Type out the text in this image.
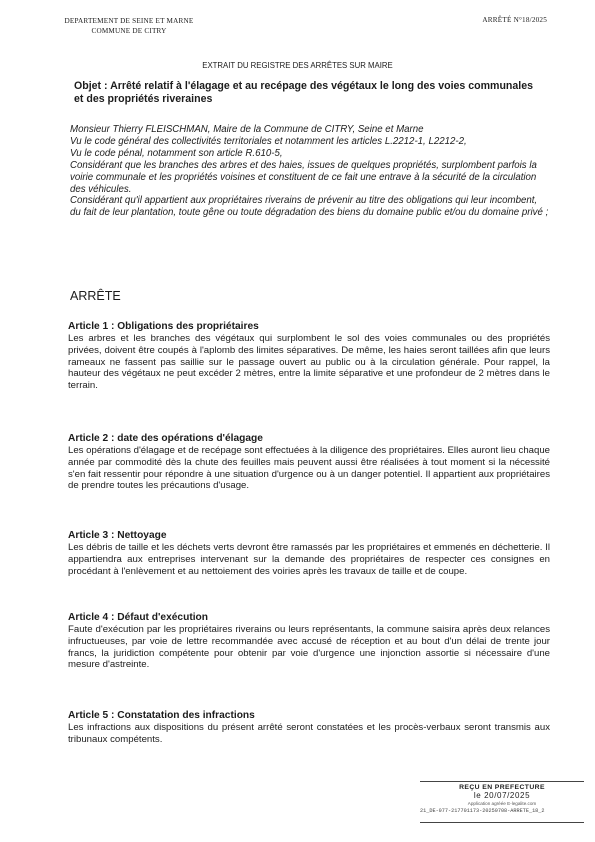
DEPARTEMENT DE SEINE ET MARNE
COMMUNE DE CITRY
ARRÊTÉ N°18/2025
EXTRAIT DU REGISTRE DES ARRÊTES SUR MAIRE
Objet : Arrêté relatif à l'élagage et au recépage des végétaux le long des voies communales et des propriétés riveraines

Monsieur Thierry FLEISCHMAN, Maire de la Commune de CITRY, Seine et Marne

Vu le code général des collectivités territoriales et notamment les articles L.2212-1, L2212-2,

Vu le code pénal, notamment son article R.610-5,

Considérant que les branches des arbres et des haies, issues de quelques propriétés, surplombent parfois la voirie communale et les propriétés voisines et constituent de ce fait une entrave à la sécurité de la circulation des véhicules.

Considérant qu'il appartient aux propriétaires riverains de prévenir au titre des obligations qui leur incombent, du fait de leur plantation, toute gêne ou toute dégradation des biens du domaine public et/ou du domaine privé ;

ARRÊTE
Article 1 : Obligations des propriétaires

Les arbres et les branches des végétaux qui surplombent le sol des voies communales ou des propriétés privées, doivent être coupés à l'aplomb des limites séparatives. De même, les haies seront taillées afin que leurs rameaux ne fassent pas saillie sur le passage ouvert au public ou à la circulation générale. Pour rappel, la hauteur des végétaux ne peut excéder 2 mètres, entre la limite séparative et une profondeur de 2 mètres dans le terrain.

Article 2 : date des opérations d'élagage

Les opérations d'élagage et de recépage sont effectuées à la diligence des propriétaires. Elles auront lieu chaque année par commodité dès la chute des feuilles mais peuvent aussi être réalisées à tout moment si la nécessité s'en fait ressentir pour répondre à une situation d'urgence ou à un danger potentiel. Il appartient aux propriétaires de prendre toutes les précautions d'usage.

Article 3 : Nettoyage

Les débris de taille et les déchets verts devront être ramassés par les propriétaires et emmenés en déchetterie. Il appartiendra aux entreprises intervenant sur la demande des propriétaires de respecter ces consignes en procédant à l'enlèvement et au nettoiement des voiries après les travaux de taille et de coupe.

Article 4 : Défaut d'exécution

Faute d'exécution par les propriétaires riverains ou leurs représentants, la commune saisira après deux relances infructueuses, par voie de lettre recommandée avec accusé de réception et au bout d'un délai de trente jour francs, la juridiction compétente pour obtenir par voie d'urgence une injonction assortie si nécessaire d'une mesure d'astreinte.

Article 5 : Constatation des infractions

Les infractions aux dispositions du présent arrêté seront constatées et les procès-verbaux seront transmis aux tribunaux compétents.

REÇU EN PREFECTURE
le 20/07/2025
Application agréée E-legalite.com
21_DE-077-217701173-20250708-ARRETE_18_2
